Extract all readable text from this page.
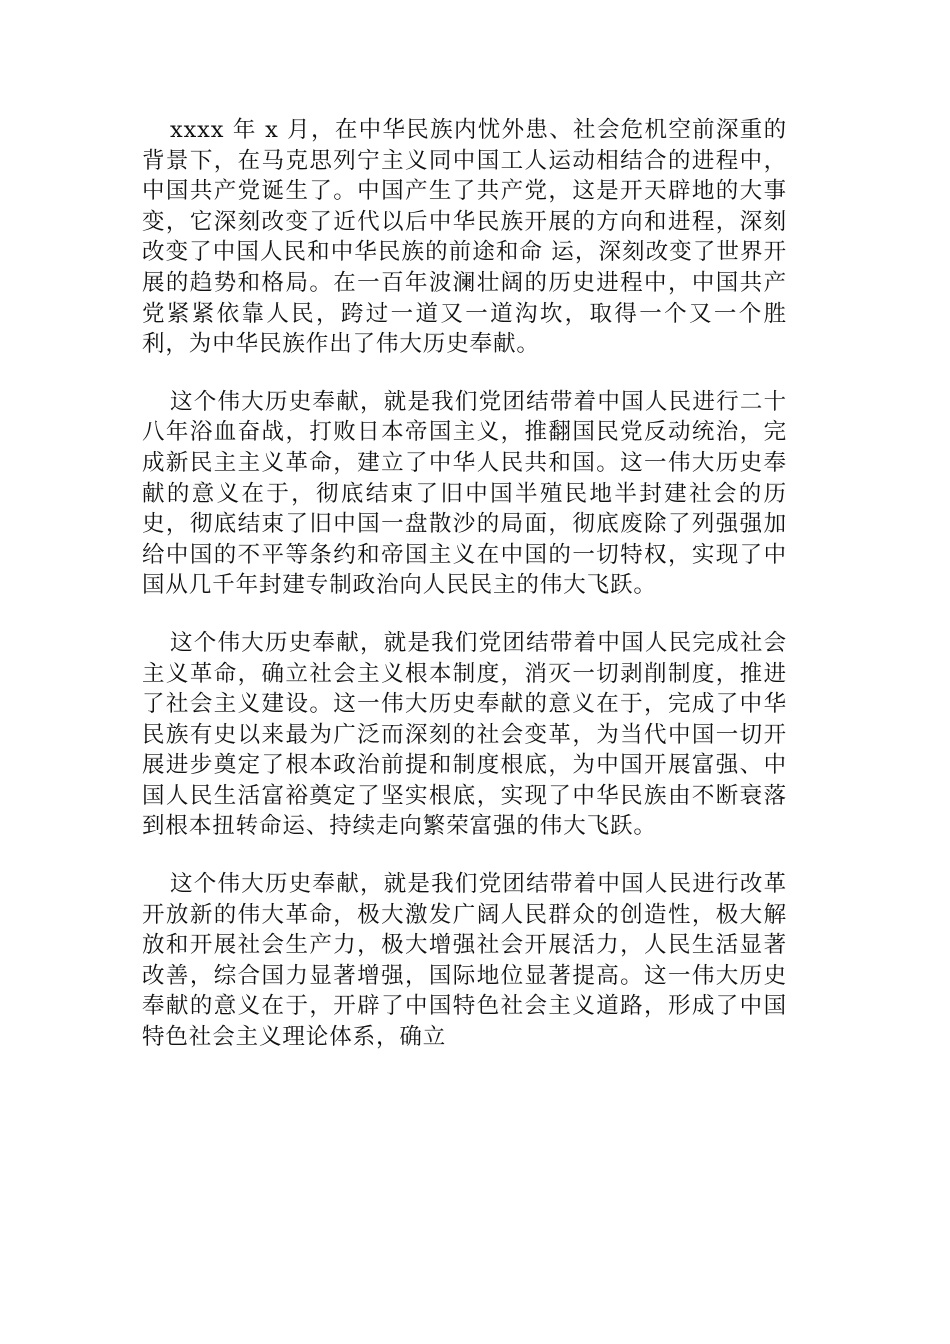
xxxx 年 x 月，在中华民族内忧外患、社会危机空前深重的背景下，在马克思列宁主义同中国工人运动相结合的进程中，中国共产党诞生了。中国产生了共产党，这是开天辟地的大事变，它深刻改变了近代以后中华民族开展的方向和进程，深刻改变了中国人民和中华民族的前途和命 运，深刻改变了世界开展的趋势和格局。在一百年波澜壮阔的历史进程中，中国共产党紧紧依靠人民，跨过一道又一道沟坎，取得一个又一个胜利，为中华民族作出了伟大历史奉献。

这个伟大历史奉献，就是我们党团结带着中国人民进行二十八年浴血奋战，打败日本帝国主义，推翻国民党反动统治，完成新民主主义革命，建立了中华人民共和国。这一伟大历史奉献的意义在于，彻底结束了旧中国半殖民地半封建社会的历史，彻底结束了旧中国一盘散沙的局面，彻底废除了列强强加给中国的不平等条约和帝国主义在中国的一切特权，实现了中国从几千年封建专制政治向人民民主的伟大飞跃。

这个伟大历史奉献，就是我们党团结带着中国人民完成社会主义革命，确立社会主义根本制度，消灭一切剥削制度，推进了社会主义建设。这一伟大历史奉献的意义在于，完成了中华民族有史以来最为广泛而深刻的社会变革，为当代中国一切开展进步奠定了根本政治前提和制度根底，为中国开展富强、中国人民生活富裕奠定了坚实根底，实现了中华民族由不断衰落到根本扭转命运、持续走向繁荣富强的伟大飞跃。

这个伟大历史奉献，就是我们党团结带着中国人民进行改革开放新的伟大革命，极大激发广阔人民群众的创造性，极大解放和开展社会生产力，极大增强社会开展活力，人民生活显著改善，综合国力显著增强，国际地位显著提高。这一伟大历史奉献的意义在于，开辟了中国特色社会主义道路，形成了中国特色社会主义理论体系，确立
